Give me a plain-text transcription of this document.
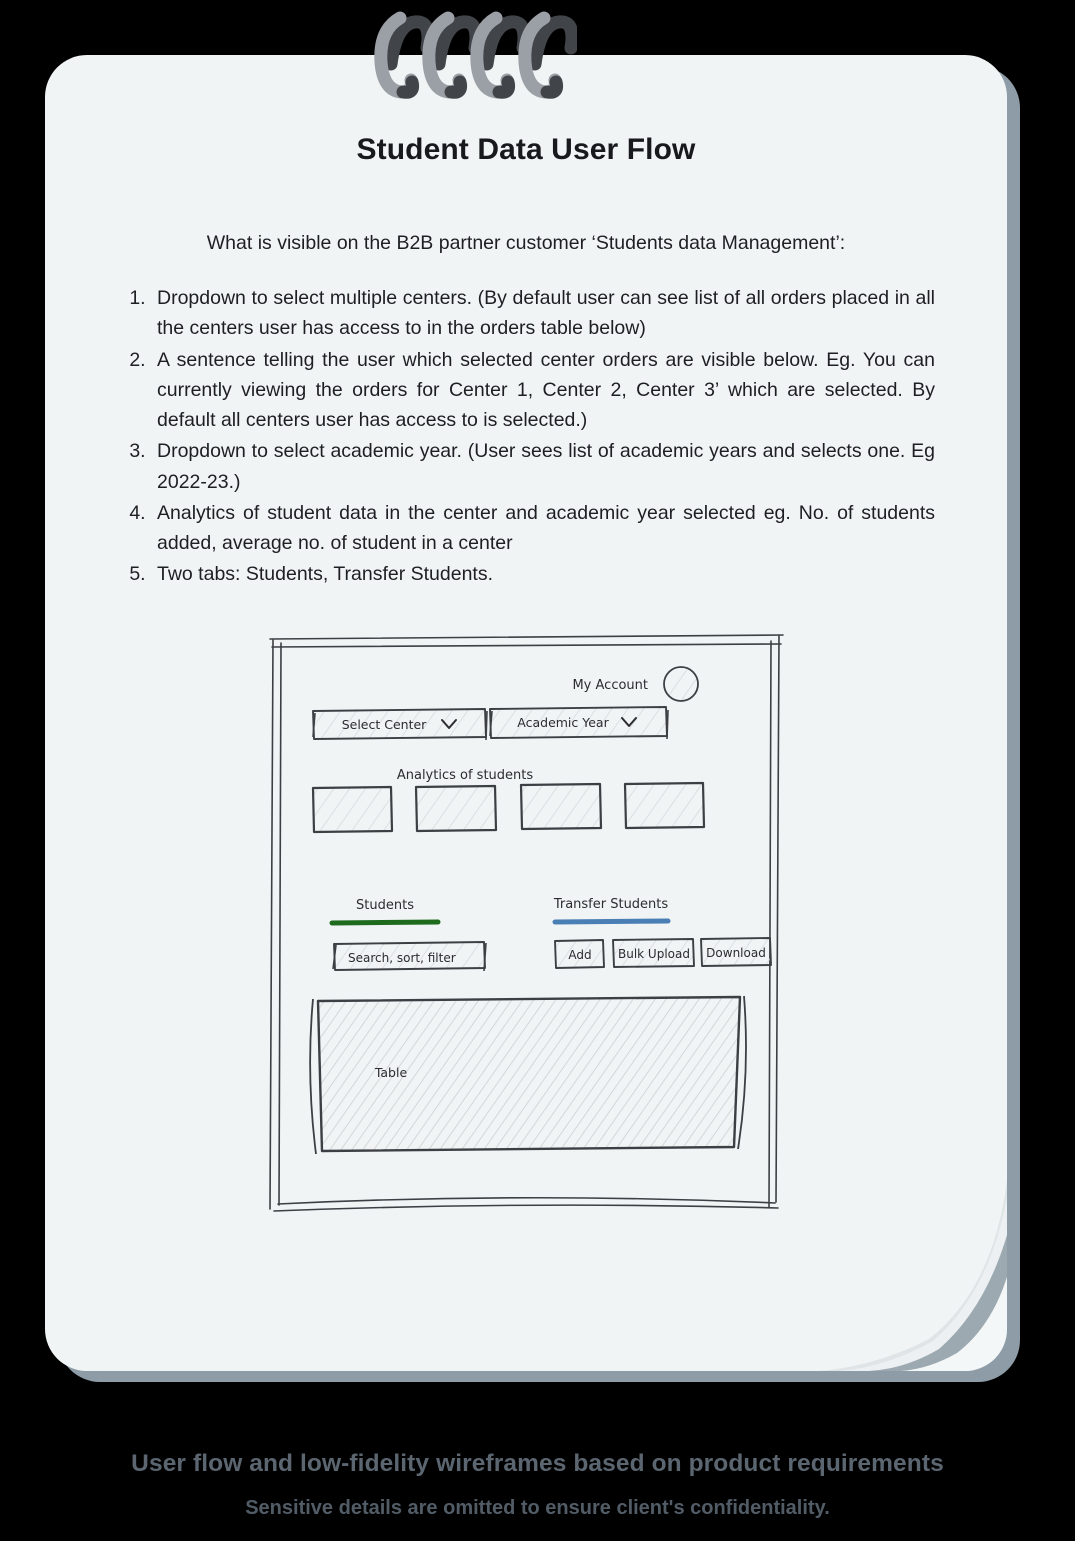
Student Data User Flow

What is visible on the B2B partner customer ‘Students data Management’:

1. Dropdown to select multiple centers. (By default user can see list of all orders placed in all the centers user has access to in the orders table below)
2. A sentence telling the user which selected center orders are visible below. Eg. You can currently viewing the orders for Center 1, Center 2, Center 3’ which are selected. By default all centers user has access to is selected.)
3. Dropdown to select academic year. (User sees list of academic years and selects one. Eg 2022-23.)
4. Analytics of student data in the center and academic year selected eg. No. of students added, average no. of student in a center
5. Two tabs: Students, Transfer Students.
My Account
Select Center	Academic Year
Analytics of students
Students	Transfer Students
Search, sort, filter	Add Bulk Upload Download
Table
User flow and low-fidelity wireframes based on product requirements
Sensitive details are omitted to ensure client's confidentiality.
